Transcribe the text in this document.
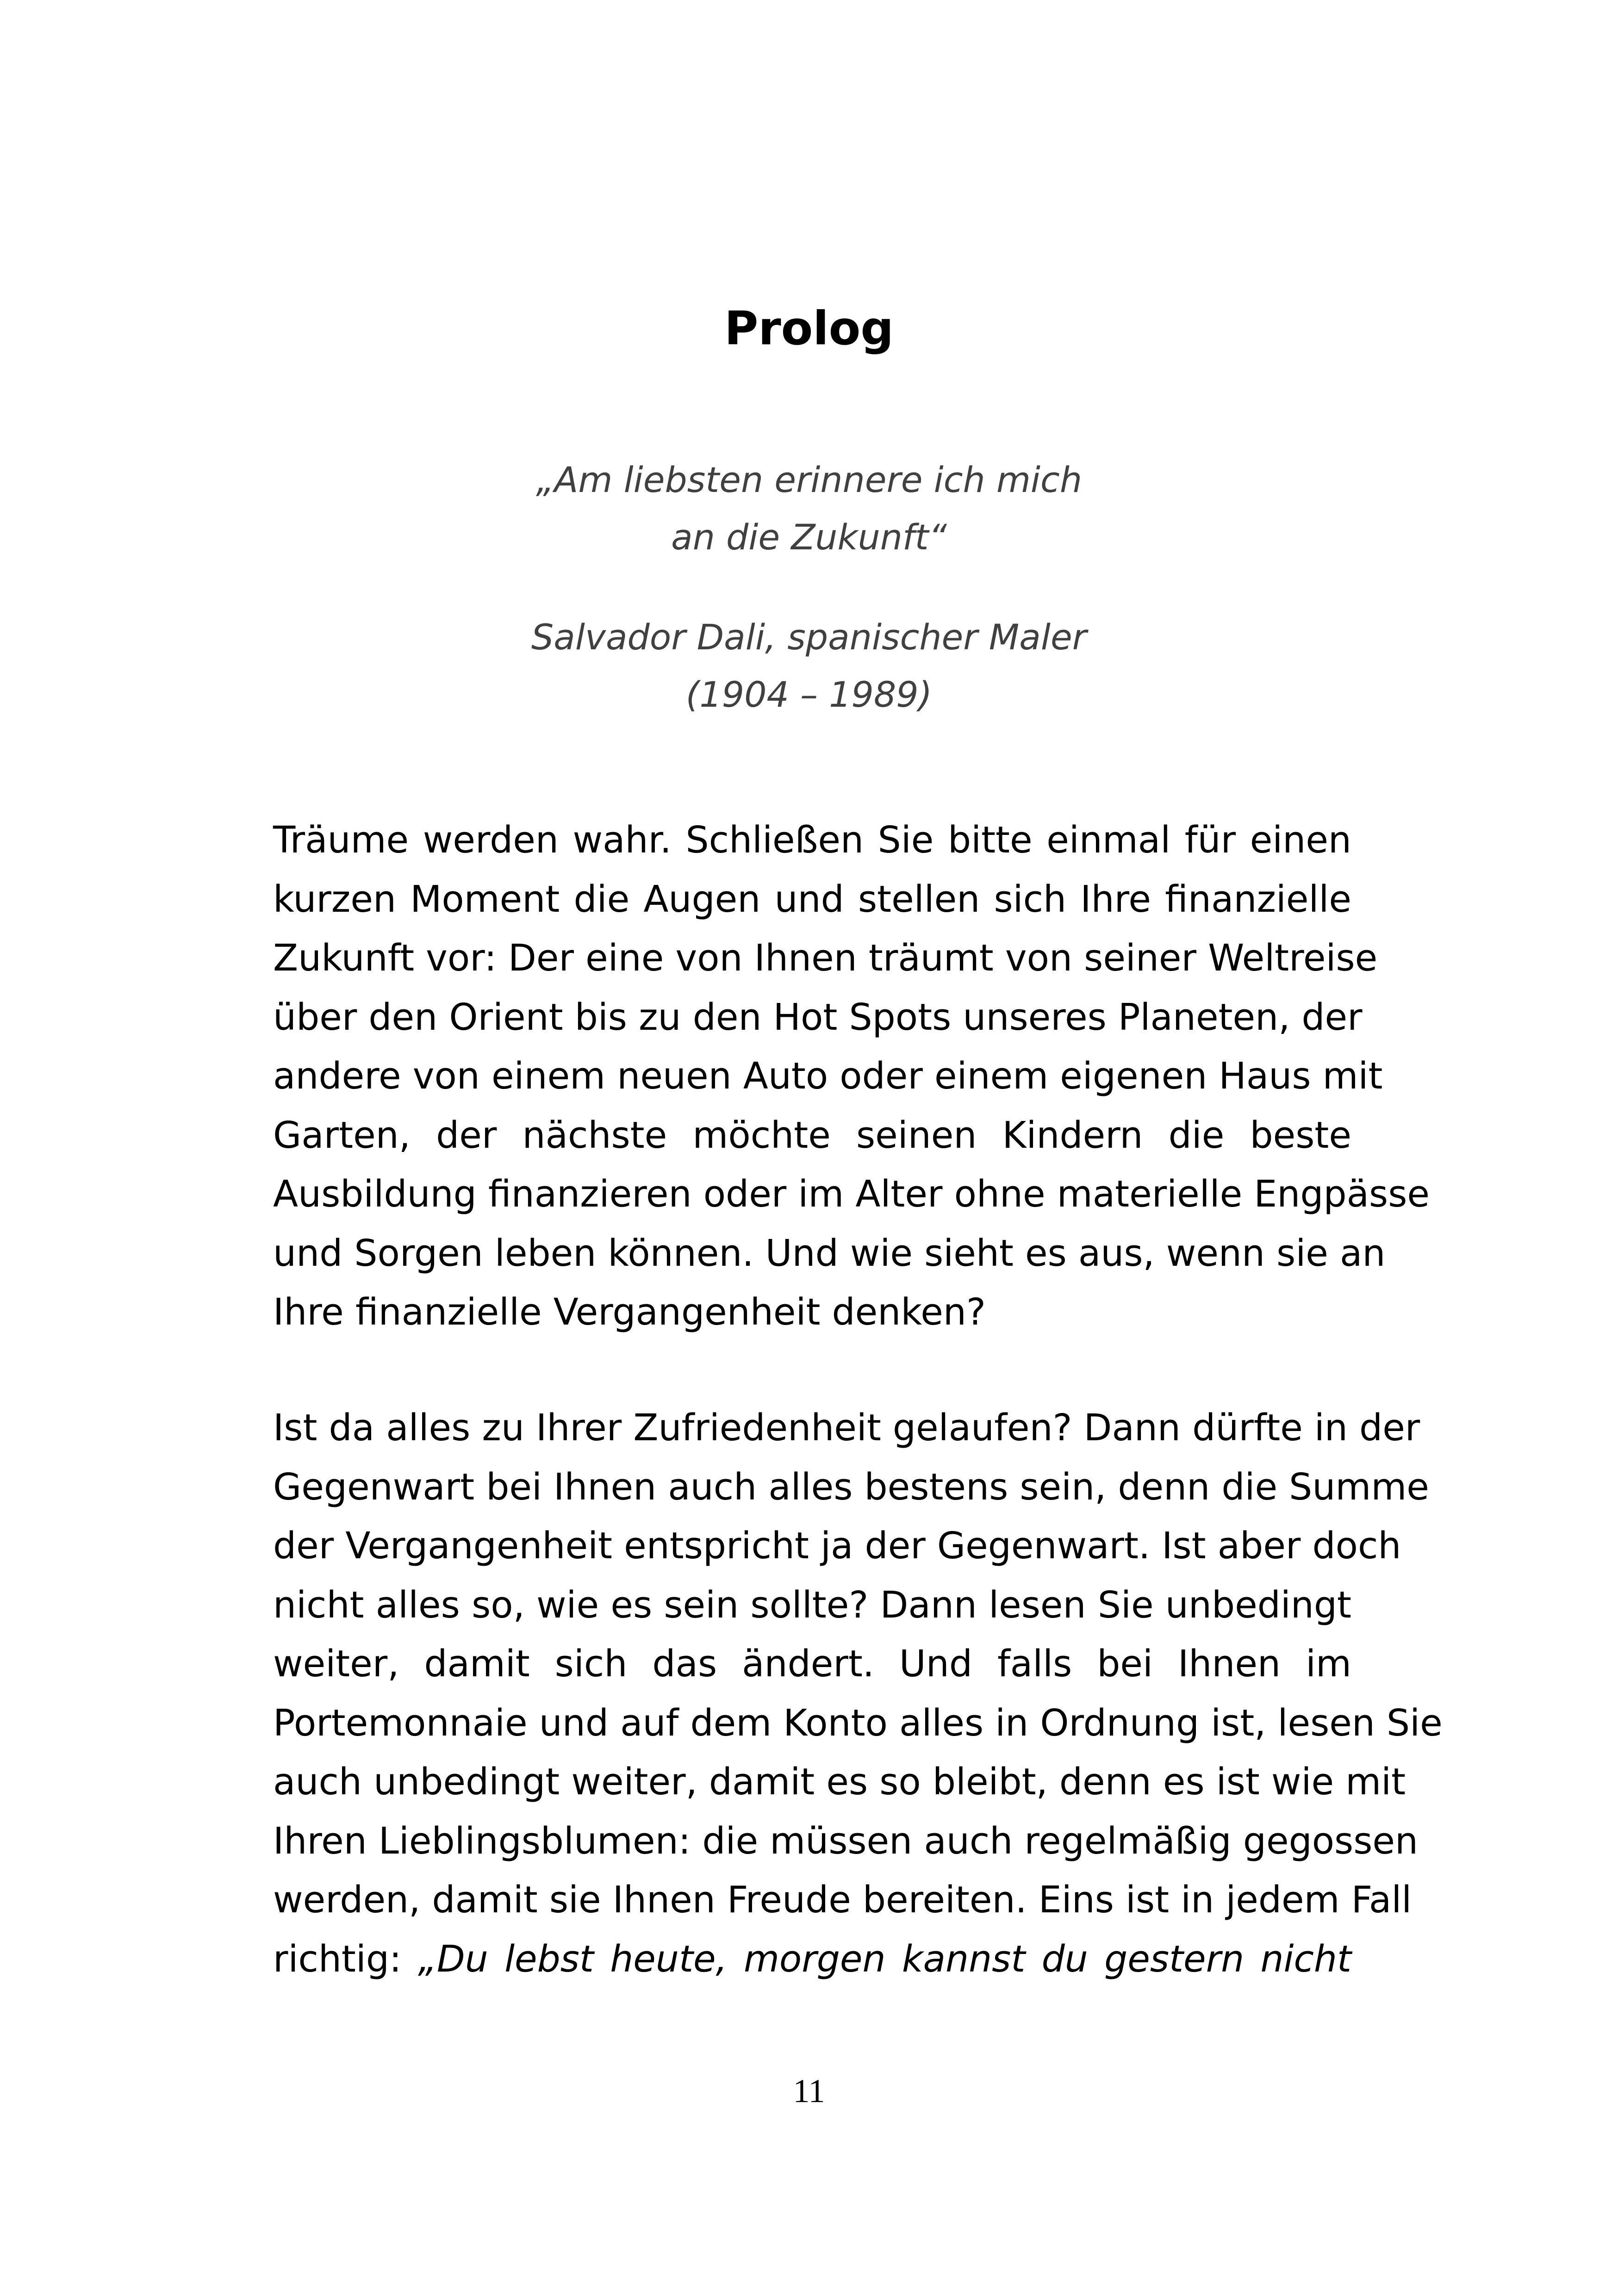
Prolog

„Am liebsten erinnere ich mich
an die Zukunft“

Salvador Dali, spanischer Maler
(1904 – 1989)

Träume werden wahr. Schließen Sie bitte einmal für einen
kurzen Moment die Augen und stellen sich Ihre finanzielle
Zukunft vor: Der eine von Ihnen träumt von seiner Weltreise
über den Orient bis zu den Hot Spots unseres Planeten, der
andere von einem neuen Auto oder einem eigenen Haus mit
Garten, der nächste möchte seinen Kindern die beste
Ausbildung finanzieren oder im Alter ohne materielle Engpässe
und Sorgen leben können. Und wie sieht es aus, wenn sie an
Ihre finanzielle Vergangenheit denken?

Ist da alles zu Ihrer Zufriedenheit gelaufen? Dann dürfte in der
Gegenwart bei Ihnen auch alles bestens sein, denn die Summe
der Vergangenheit entspricht ja der Gegenwart. Ist aber doch
nicht alles so, wie es sein sollte? Dann lesen Sie unbedingt
weiter, damit sich das ändert. Und falls bei Ihnen im
Portemonnaie und auf dem Konto alles in Ordnung ist, lesen Sie
auch unbedingt weiter, damit es so bleibt, denn es ist wie mit
Ihren Lieblingsblumen: die müssen auch regelmäßig gegossen
werden, damit sie Ihnen Freude bereiten. Eins ist in jedem Fall
richtig: „Du lebst heute, morgen kannst du gestern nicht

11
